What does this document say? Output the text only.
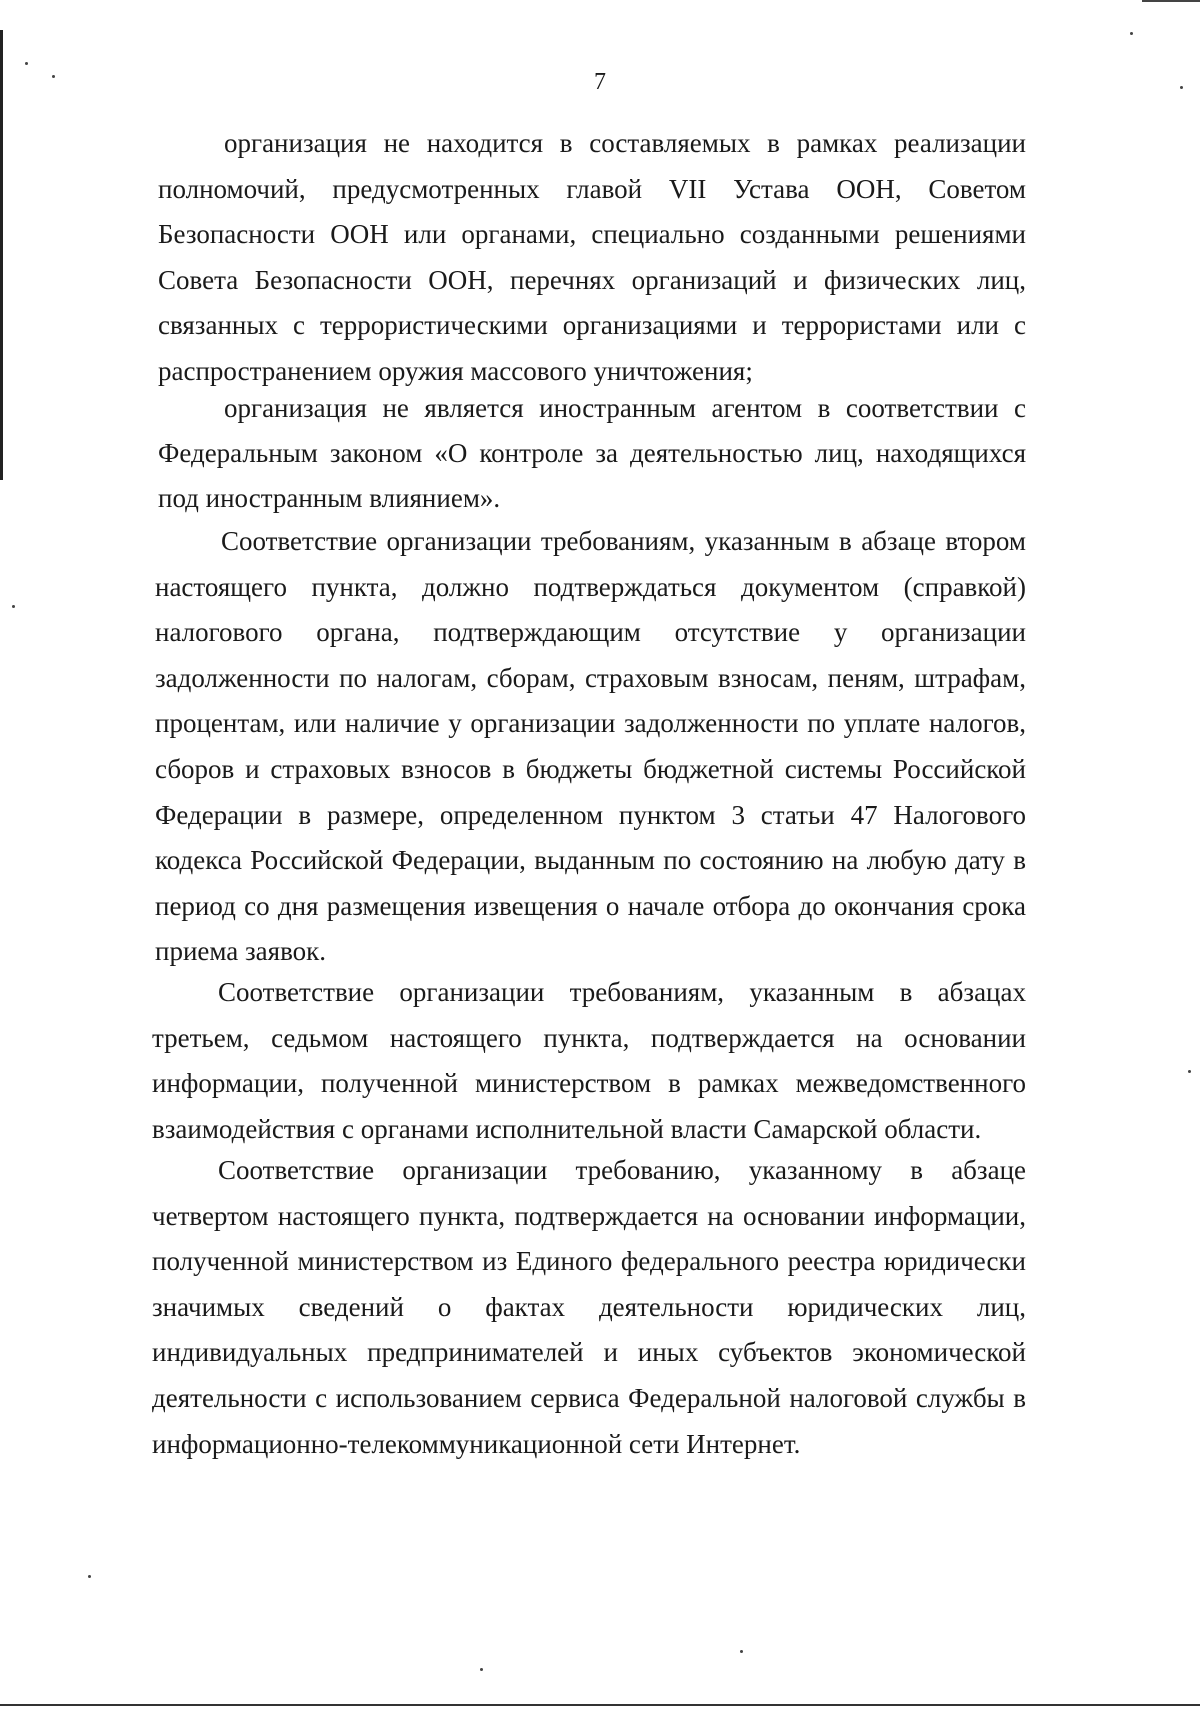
7

организация не находится в составляемых в рамках реализации полномочий, предусмотренных главой VII Устава ООН, Советом Безопасности ООН или органами, специально созданными решениями Совета Безопасности ООН, перечнях организаций и физических лиц, связанных с террористическими организациями и террористами или с распространением оружия массового уничтожения;

организация не является иностранным агентом в соответствии с Федеральным законом «О контроле за деятельностью лиц, находящихся под иностранным влиянием».

Соответствие организации требованиям, указанным в абзаце втором настоящего пункта, должно подтверждаться документом (справкой) налогового органа, подтверждающим отсутствие у организации задолженности по налогам, сборам, страховым взносам, пеням, штрафам, процентам, или наличие у организации задолженности по уплате налогов, сборов и страховых взносов в бюджеты бюджетной системы Российской Федерации в размере, определенном пунктом 3 статьи 47 Налогового кодекса Российской Федерации, выданным по состоянию на любую дату в период со дня размещения извещения о начале отбора до окончания срока приема заявок.

Соответствие организации требованиям, указанным в абзацах третьем, седьмом настоящего пункта, подтверждается на основании информации, полученной министерством в рамках межведомственного взаимодействия с органами исполнительной власти Самарской области.

Соответствие организации требованию, указанному в абзаце четвертом настоящего пункта, подтверждается на основании информации, полученной министерством из Единого федерального реестра юридически значимых сведений о фактах деятельности юридических лиц, индивидуальных предпринимателей и иных субъектов экономической деятельности с использованием сервиса Федеральной налоговой службы в информационно-телекоммуникационной сети Интернет.
